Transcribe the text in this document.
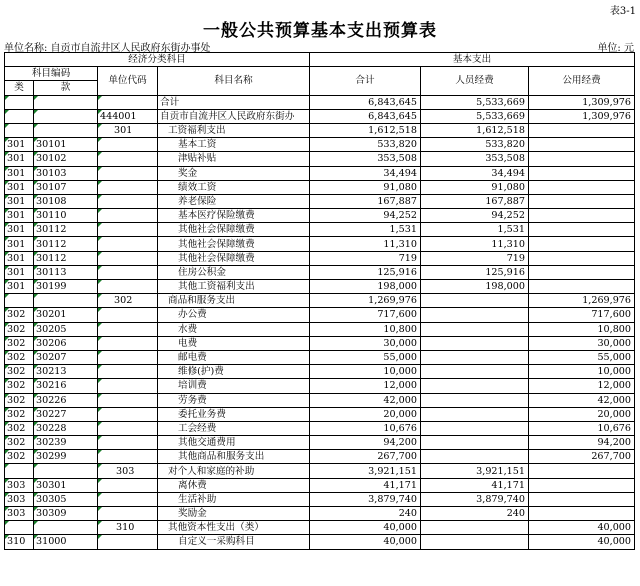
表3-1
一般公共预算基本支出预算表
单位名称: 自贡市自流井区人民政府东街办事处	单位: 元
经济分类科目				基本支出		
科目编码		单位代码	科目名称	合计	人员经费	公用经费
类	款					
			合计	6,843,645	5,533,669	1,309,976
		444001	自贡市自流井区人民政府东街办	6,843,645	5,533,669	1,309,976
		301	工资福利支出	1,612,518	1,612,518	
301	30101		基本工资	533,820	533,820	
301	30102		津贴补贴	353,508	353,508	
301	30103		奖金	34,494	34,494	
301	30107		绩效工资	91,080	91,080	
301	30108		养老保险	167,887	167,887	
301	30110		基本医疗保险缴费	94,252	94,252	
301	30112		其他社会保障缴费	1,531	1,531	
301	30112		其他社会保障缴费	11,310	11,310	
301	30112		其他社会保障缴费	719	719	
301	30113		住房公积金	125,916	125,916	
301	30199		其他工资福利支出	198,000	198,000	
		302	商品和服务支出	1,269,976		1,269,976
302	30201		办公费	717,600		717,600
302	30205		水费	10,800		10,800
302	30206		电费	30,000		30,000
302	30207		邮电费	55,000		55,000
302	30213		维修(护)费	10,000		10,000
302	30216		培训费	12,000		12,000
302	30226		劳务费	42,000		42,000
302	30227		委托业务费	20,000		20,000
302	30228		工会经费	10,676		10,676
302	30239		其他交通费用	94,200		94,200
302	30299		其他商品和服务支出	267,700		267,700
		303	对个人和家庭的补助	3,921,151	3,921,151	
303	30301		离休费	41,171	41,171	
303	30305		生活补助	3,879,740	3,879,740	
303	30309		奖励金	240	240	
		310	其他资本性支出（类）	40,000		40,000
310	31000		自定义一采购科目	40,000		40,000
